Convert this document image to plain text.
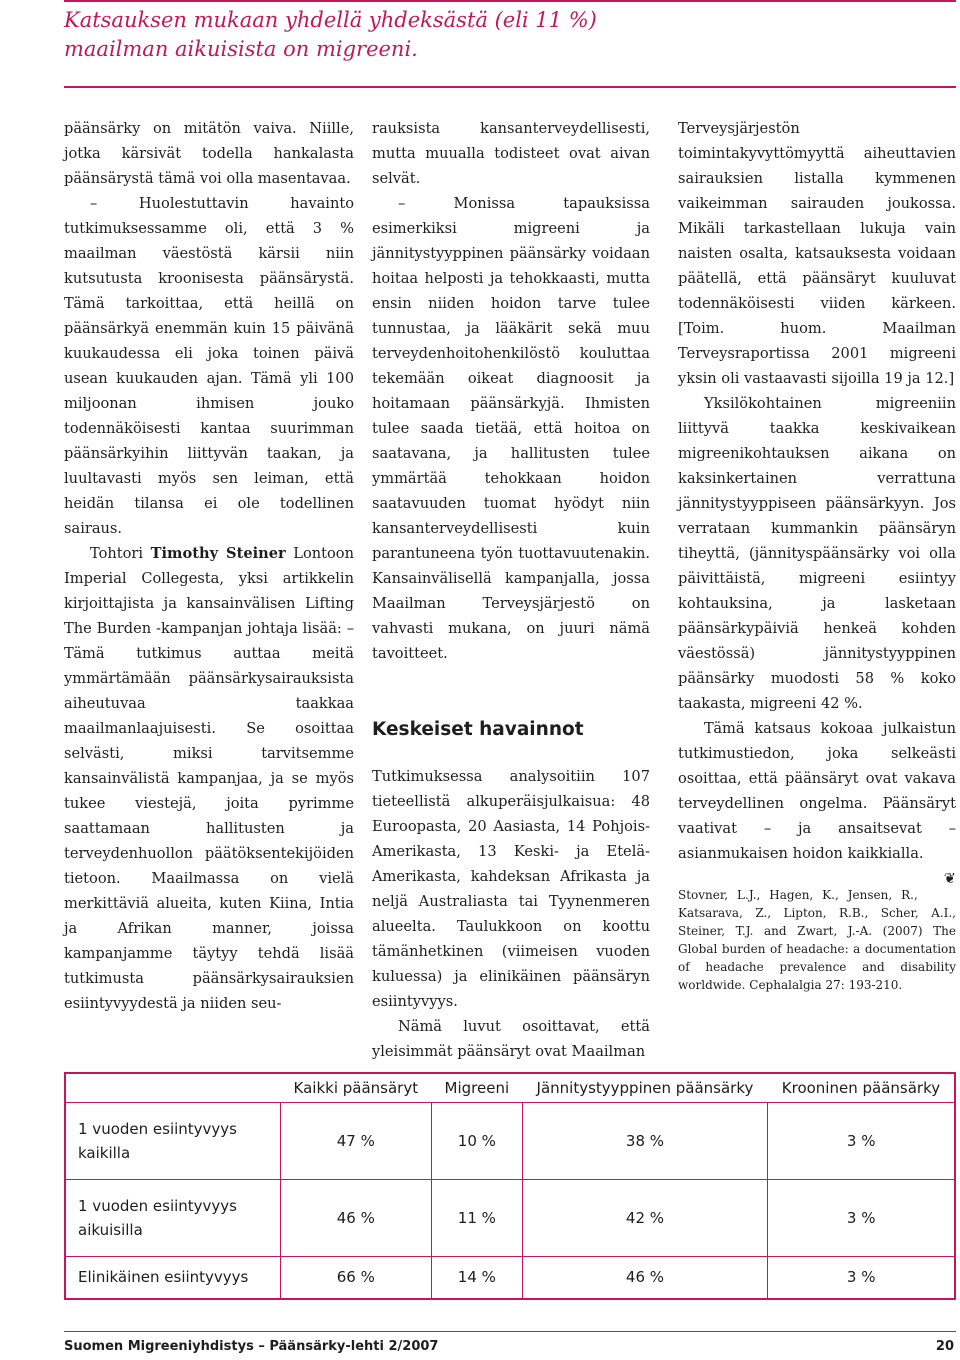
Katsauksen mukaan yhdellä yhdeksästä (eli 11 %) maailman aikuisista on migreeni.

päänsärky on mitätön vaiva. Niille, jotka kärsivät todella hankalasta päänsärystä tämä voi olla masentavaa.

– Huolestuttavin havainto tutkimuksessamme oli, että 3 % maailman väestöstä kärsii niin kutsutusta kroonisesta päänsärystä. Tämä tarkoittaa, että heillä on päänsärkyä enemmän kuin 15 päivänä kuukaudessa eli joka toinen päivä usean kuukauden ajan. Tämä yli 100 miljoonan ihmisen jouko todennäköisesti kantaa suurimman päänsärkyihin liittyvän taakan, ja luultavasti myös sen leiman, että heidän tilansa ei ole todellinen sairaus.

Tohtori Timothy Steiner Lontoon Imperial Collegesta, yksi artikkelin kirjoittajista ja kansainvälisen Lifting The Burden -kampanjan johtaja lisää: – Tämä tutkimus auttaa meitä ymmärtämään päänsärkysairauksista aiheutuvaa taakkaa maailmanlaajuisesti. Se osoittaa selvästi, miksi tarvitsemme kansainvälistä kampanjaa, ja se myös tukee viestejä, joita pyrimme saattamaan hallitusten ja terveydenhuollon päätöksentekijöiden tietoon. Maailmassa on vielä merkittäviä alueita, kuten Kiina, Intia ja Afrikan manner, joissa kampanjamme täytyy tehdä lisää tutkimusta päänsärkysairauksien esiintyvyydestä ja niiden seu-

rauksista kansanterveydellisesti, mutta muualla todisteet ovat aivan selvät.

– Monissa tapauksissa esimerkiksi migreeni ja jännitystyyppinen päänsärky voidaan hoitaa helposti ja tehokkaasti, mutta ensin niiden hoidon tarve tulee tunnustaa, ja lääkärit sekä muu terveydenhoitohenkilöstö kouluttaa tekemään oikeat diagnoosit ja hoitamaan päänsärkyjä. Ihmisten tulee saada tietää, että hoitoa on saatavana, ja hallitusten tulee ymmärtää tehokkaan hoidon saatavuuden tuomat hyödyt niin kansanterveydellisesti kuin parantuneena työn tuottavuutenakin. Kansainvälisellä kampanjalla, jossa Maailman Terveysjärjestö on vahvasti mukana, on juuri nämä tavoitteet.

Keskeiset havainnot

Tutkimuksessa analysoitiin 107 tieteellistä alkuperäisjulkaisua: 48 Euroopasta, 20 Aasiasta, 14 Pohjois-Amerikasta, 13 Keski- ja Etelä-Amerikasta, kahdeksan Afrikasta ja neljä Australiasta tai Tyynenmeren alueelta. Taulukkoon on koottu tämänhetkinen (viimeisen vuoden kuluessa) ja elinikäinen päänsäryn esiintyvyys.

Nämä luvut osoittavat, että yleisimmät päänsäryt ovat Maailman

Terveysjärjestön toimintakyvyttömyyttä aiheuttavien sairauksien listalla kymmenen vaikeimman sairauden joukossa. Mikäli tarkastellaan lukuja vain naisten osalta, katsauksesta voidaan päätellä, että päänsäryt kuuluvat todennäköisesti viiden kärkeen. [Toim. huom. Maailman Terveysraportissa 2001 migreeni yksin oli vastaavasti sijoilla 19 ja 12.]

Yksilökohtainen migreeniin liittyvä taakka keskivaikean migreenikohtauksen aikana on kaksinkertainen verrattuna jännitystyyppiseen päänsärkyyn. Jos verrataan kummankin päänsäryn tiheyttä, (jännityspäänsärky voi olla päivittäistä, migreeni esiintyy kohtauksina, ja lasketaan päänsärkypäiviä henkeä kohden väestössä) jännitystyyppinen päänsärky muodosti 58 % koko taakasta, migreeni 42 %.

Tämä katsaus kokoaa julkaistun tutkimustiedon, joka selkeästi osoittaa, että päänsäryt ovat vakava terveydellinen ongelma. Päänsäryt vaativat – ja ansaitsevat – asianmukaisen hoidon kaikkialla.
❦

Stovner, L.J., Hagen, K., Jensen, R., Katsarava, Z., Lipton, R.B., Scher, A.I., Steiner, T.J. and Zwart, J.-A. (2007) The Global burden of headache: a documentation of headache prevalence and disability worldwide. Cephalalgia 27: 193-210.

	Kaikki päänsäryt	Migreeni	Jännitystyyppinen päänsärky	Krooninen päänsärky
1 vuoden esiintyvyys kaikilla	47 %	10 %	38 %	3 %
1 vuoden esiintyvyys aikuisilla	46 %	11 %	42 %	3 %
Elinikäinen esiintyvyys	66 %	14 %	46 %	3 %
Suomen Migreeniyhdistys – Päänsärky-lehti 2/2007	20
